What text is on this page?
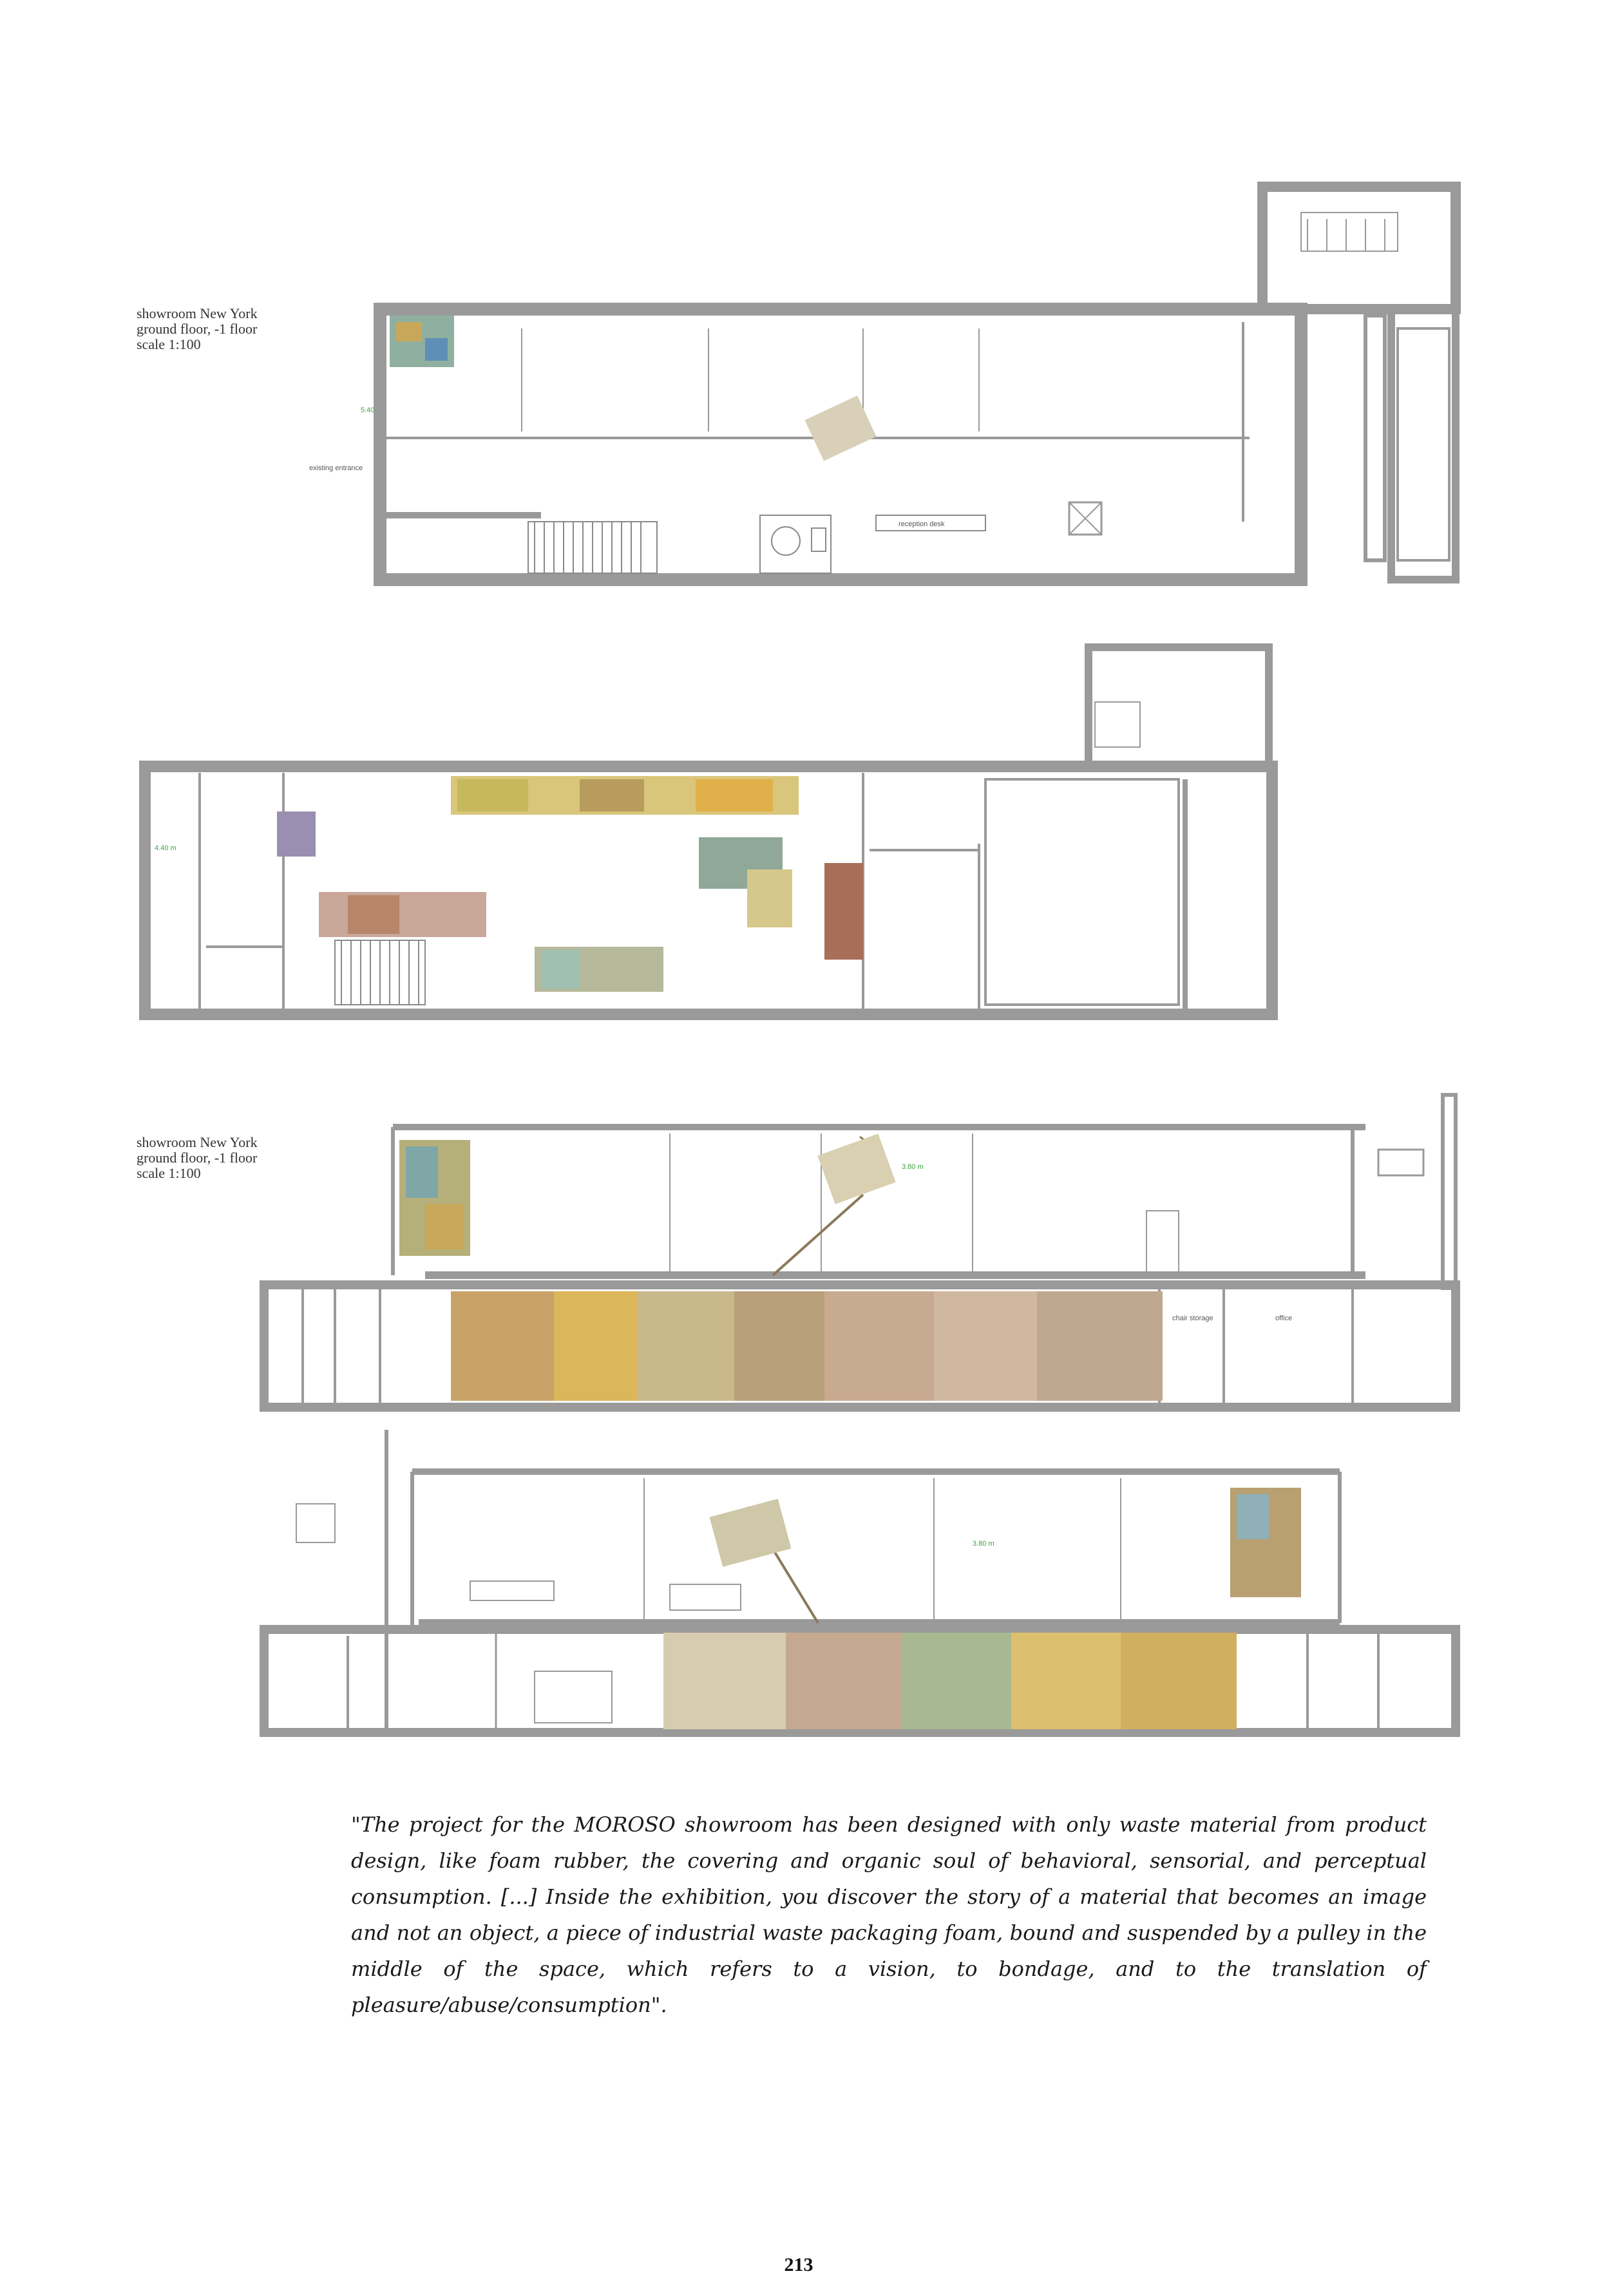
showroom New York
ground floor, -1 floor
scale 1:100
reception desk
existing entrance
5.40
4.40 m
showroom New York
ground floor, -1 floor
scale 1:100
chair storage	office
3.80 m
3.80 m
"The project for the MOROSO showroom has been designed with only waste material from product design, like foam rubber, the covering and organic soul of behavioral, sensorial, and perceptual consumption. [...] Inside the exhibition, you discover the story of a material that becomes an image and not an object, a piece of industrial waste packaging foam, bound and suspended by a pulley in the middle of the space, which refers to a vision, to bondage, and to the translation of pleasure/abuse/consumption".
213
